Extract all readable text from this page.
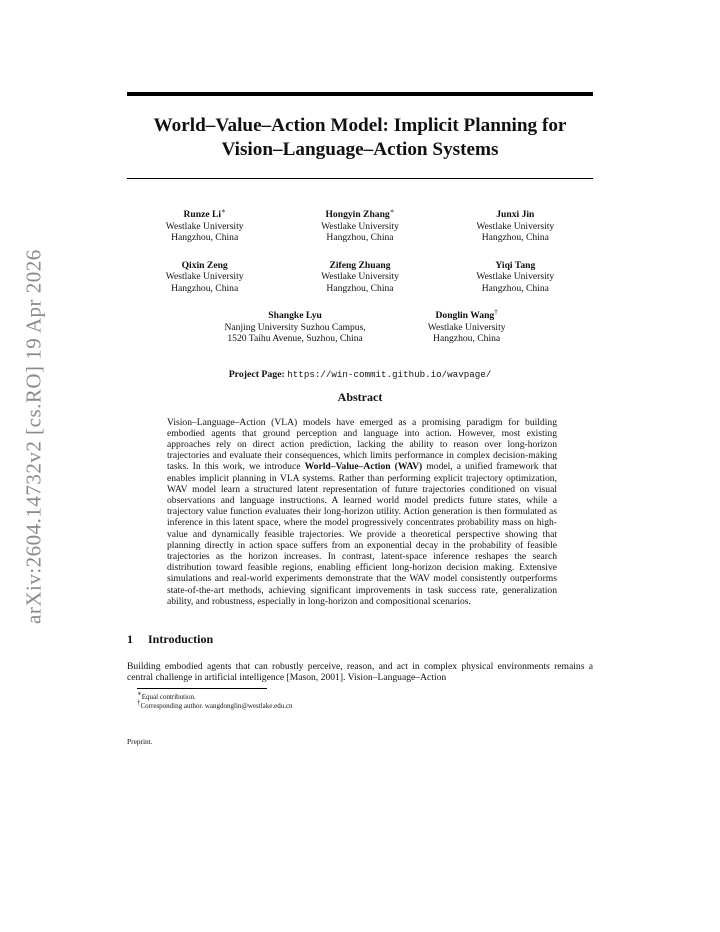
arXiv:2604.14732v2 [cs.RO] 19 Apr 2026
World–Value–Action Model: Implicit Planning for
Vision–Language–Action Systems
Runze Li∗
Westlake University
Hangzhou, China
Hongyin Zhang∗
Westlake University
Hangzhou, China
Junxi Jin
Westlake University
Hangzhou, China
Qixin Zeng
Westlake University
Hangzhou, China
Zifeng Zhuang
Westlake University
Hangzhou, China
Yiqi Tang
Westlake University
Hangzhou, China
Shangke Lyu
Nanjing University Suzhou Campus,
1520 Taihu Avenue, Suzhou, China
Donglin Wang†
Westlake University
Hangzhou, China
Project Page: https://win-commit.github.io/wavpage/
Abstract
Vision–Language–Action (VLA) models have emerged as a promising paradigm for building embodied agents that ground perception and language into action. However, most existing approaches rely on direct action prediction, lacking the ability to reason over long-horizon trajectories and evaluate their consequences, which limits performance in complex decision-making tasks. In this work, we introduce World–Value–Action (WAV) model, a unified framework that enables implicit planning in VLA systems. Rather than performing explicit trajectory optimization, WAV model learn a structured latent representation of future trajectories conditioned on visual observations and language instructions. A learned world model predicts future states, while a trajectory value function evaluates their long-horizon utility. Action generation is then formulated as inference in this latent space, where the model progressively concentrates probability mass on high-value and dynamically feasible trajectories. We provide a theoretical perspective showing that planning directly in action space suffers from an exponential decay in the probability of feasible trajectories as the horizon increases. In contrast, latent-space inference reshapes the search distribution toward feasible regions, enabling efficient long-horizon decision making. Extensive simulations and real-world experiments demonstrate that the WAV model consistently outperforms state-of-the-art methods, achieving significant improvements in task success rate, generalization ability, and robustness, especially in long-horizon and compositional scenarios.
1 Introduction

Building embodied agents that can robustly perceive, reason, and act in complex physical environments remains a central challenge in artificial intelligence [Mason, 2001]. Vision–Language–Action

∗Equal contribution.
†Corresponding author. wangdonglin@westlake.edu.cn
Preprint.
